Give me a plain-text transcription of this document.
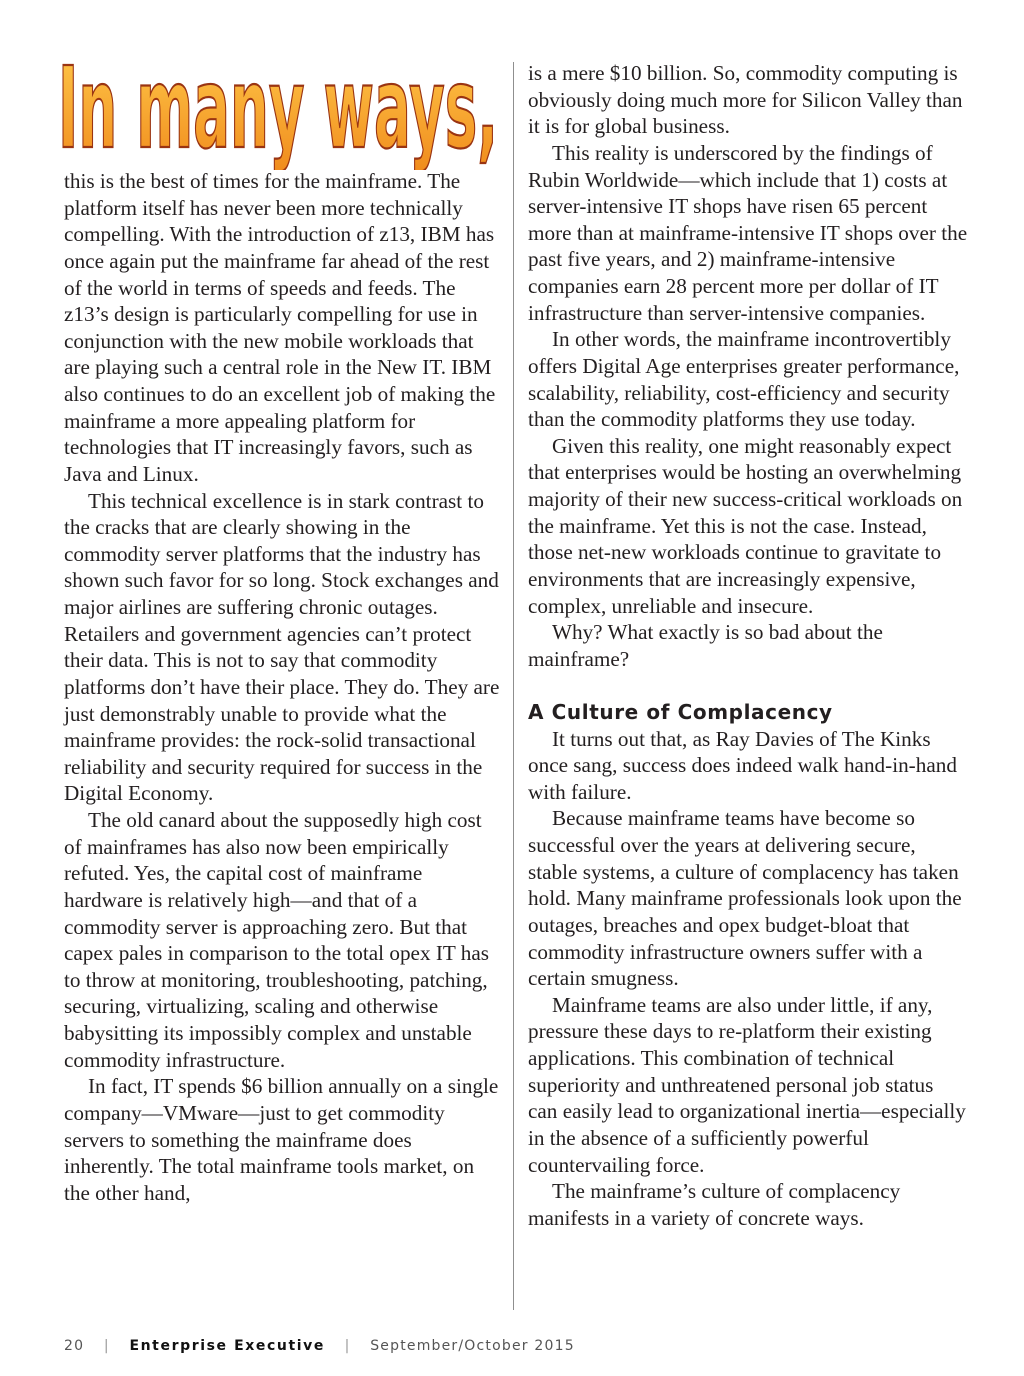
In many ways,

this is the best of times for the mainframe. The platform itself has never been more technically compelling. With the introduction of z13, IBM has once again put the mainframe far ahead of the rest of the world in terms of speeds and feeds. The z13’s design is particularly compelling for use in conjunction with the new mobile workloads that are playing such a central role in the New IT. IBM also continues to do an excellent job of making the mainframe a more appealing platform for technologies that IT increasingly favors, such as Java and Linux.

This technical excellence is in stark contrast to the cracks that are clearly showing in the commodity server platforms that the industry has shown such favor for so long. Stock exchanges and major airlines are suffering chronic outages. Retailers and government agencies can’t protect their data. This is not to say that commodity platforms don’t have their place. They do. They are just demonstrably unable to provide what the mainframe provides: the rock-solid transactional reliability and security required for success in the Digital Economy.

The old canard about the supposedly high cost of mainframes has also now been empirically refuted. Yes, the capital cost of mainframe hardware is relatively high—and that of a commodity server is approaching zero. But that capex pales in comparison to the total opex IT has to throw at monitoring, troubleshooting, patching, securing, virtualizing, scaling and otherwise babysitting its impossibly complex and unstable commodity infrastructure.

In fact, IT spends $6 billion annually on a single company—VMware—just to get commodity servers to something the mainframe does inherently. The total mainframe tools market, on the other hand,

is a mere $10 billion. So, commodity computing is obviously doing much more for Silicon Valley than it is for global business.

This reality is underscored by the findings of Rubin Worldwide—which include that 1) costs at server-intensive IT shops have risen 65 percent more than at mainframe-intensive IT shops over the past five years, and 2) mainframe-intensive companies earn 28 percent more per dollar of IT infrastructure than server-intensive companies.

In other words, the mainframe incontrovertibly offers Digital Age enterprises greater performance, scalability, reliability, cost-efficiency and security than the commodity platforms they use today.

Given this reality, one might reasonably expect that enterprises would be hosting an overwhelming majority of their new success-critical workloads on the mainframe. Yet this is not the case. Instead, those net-new workloads continue to gravitate to environments that are increasingly expensive, complex, unreliable and insecure.

Why? What exactly is so bad about the mainframe?

A Culture of Complacency

It turns out that, as Ray Davies of The Kinks once sang, success does indeed walk hand-in-hand with failure.

Because mainframe teams have become so successful over the years at delivering secure, stable systems, a culture of complacency has taken hold. Many mainframe professionals look upon the outages, breaches and opex budget-bloat that commodity infrastructure owners suffer with a certain smugness.

Mainframe teams are also under little, if any, pressure these days to re-platform their existing applications. This combination of technical superiority and unthreatened personal job status can easily lead to organizational inertia—especially in the absence of a sufficiently powerful countervailing force.

The mainframe’s culture of complacency manifests in a variety of concrete ways.

20 | Enterprise Executive | September/October 2015
